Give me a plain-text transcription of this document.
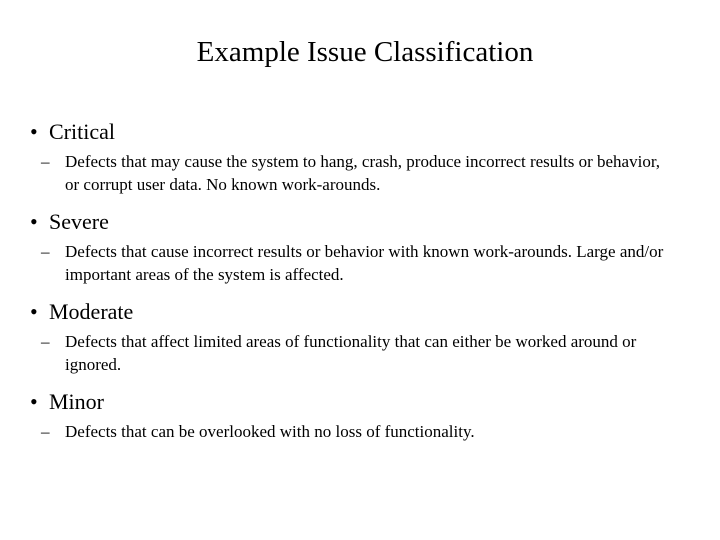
Example Issue Classification
• Critical
– Defects that may cause the system to hang, crash, produce incorrect results or behavior, or corrupt user data. No known work-arounds.
• Severe
– Defects that cause incorrect results or behavior with known work-arounds. Large and/or important areas of the system is affected.
• Moderate
– Defects that affect limited areas of functionality that can either be worked around or ignored.
• Minor
– Defects that can be overlooked with no loss of functionality.
